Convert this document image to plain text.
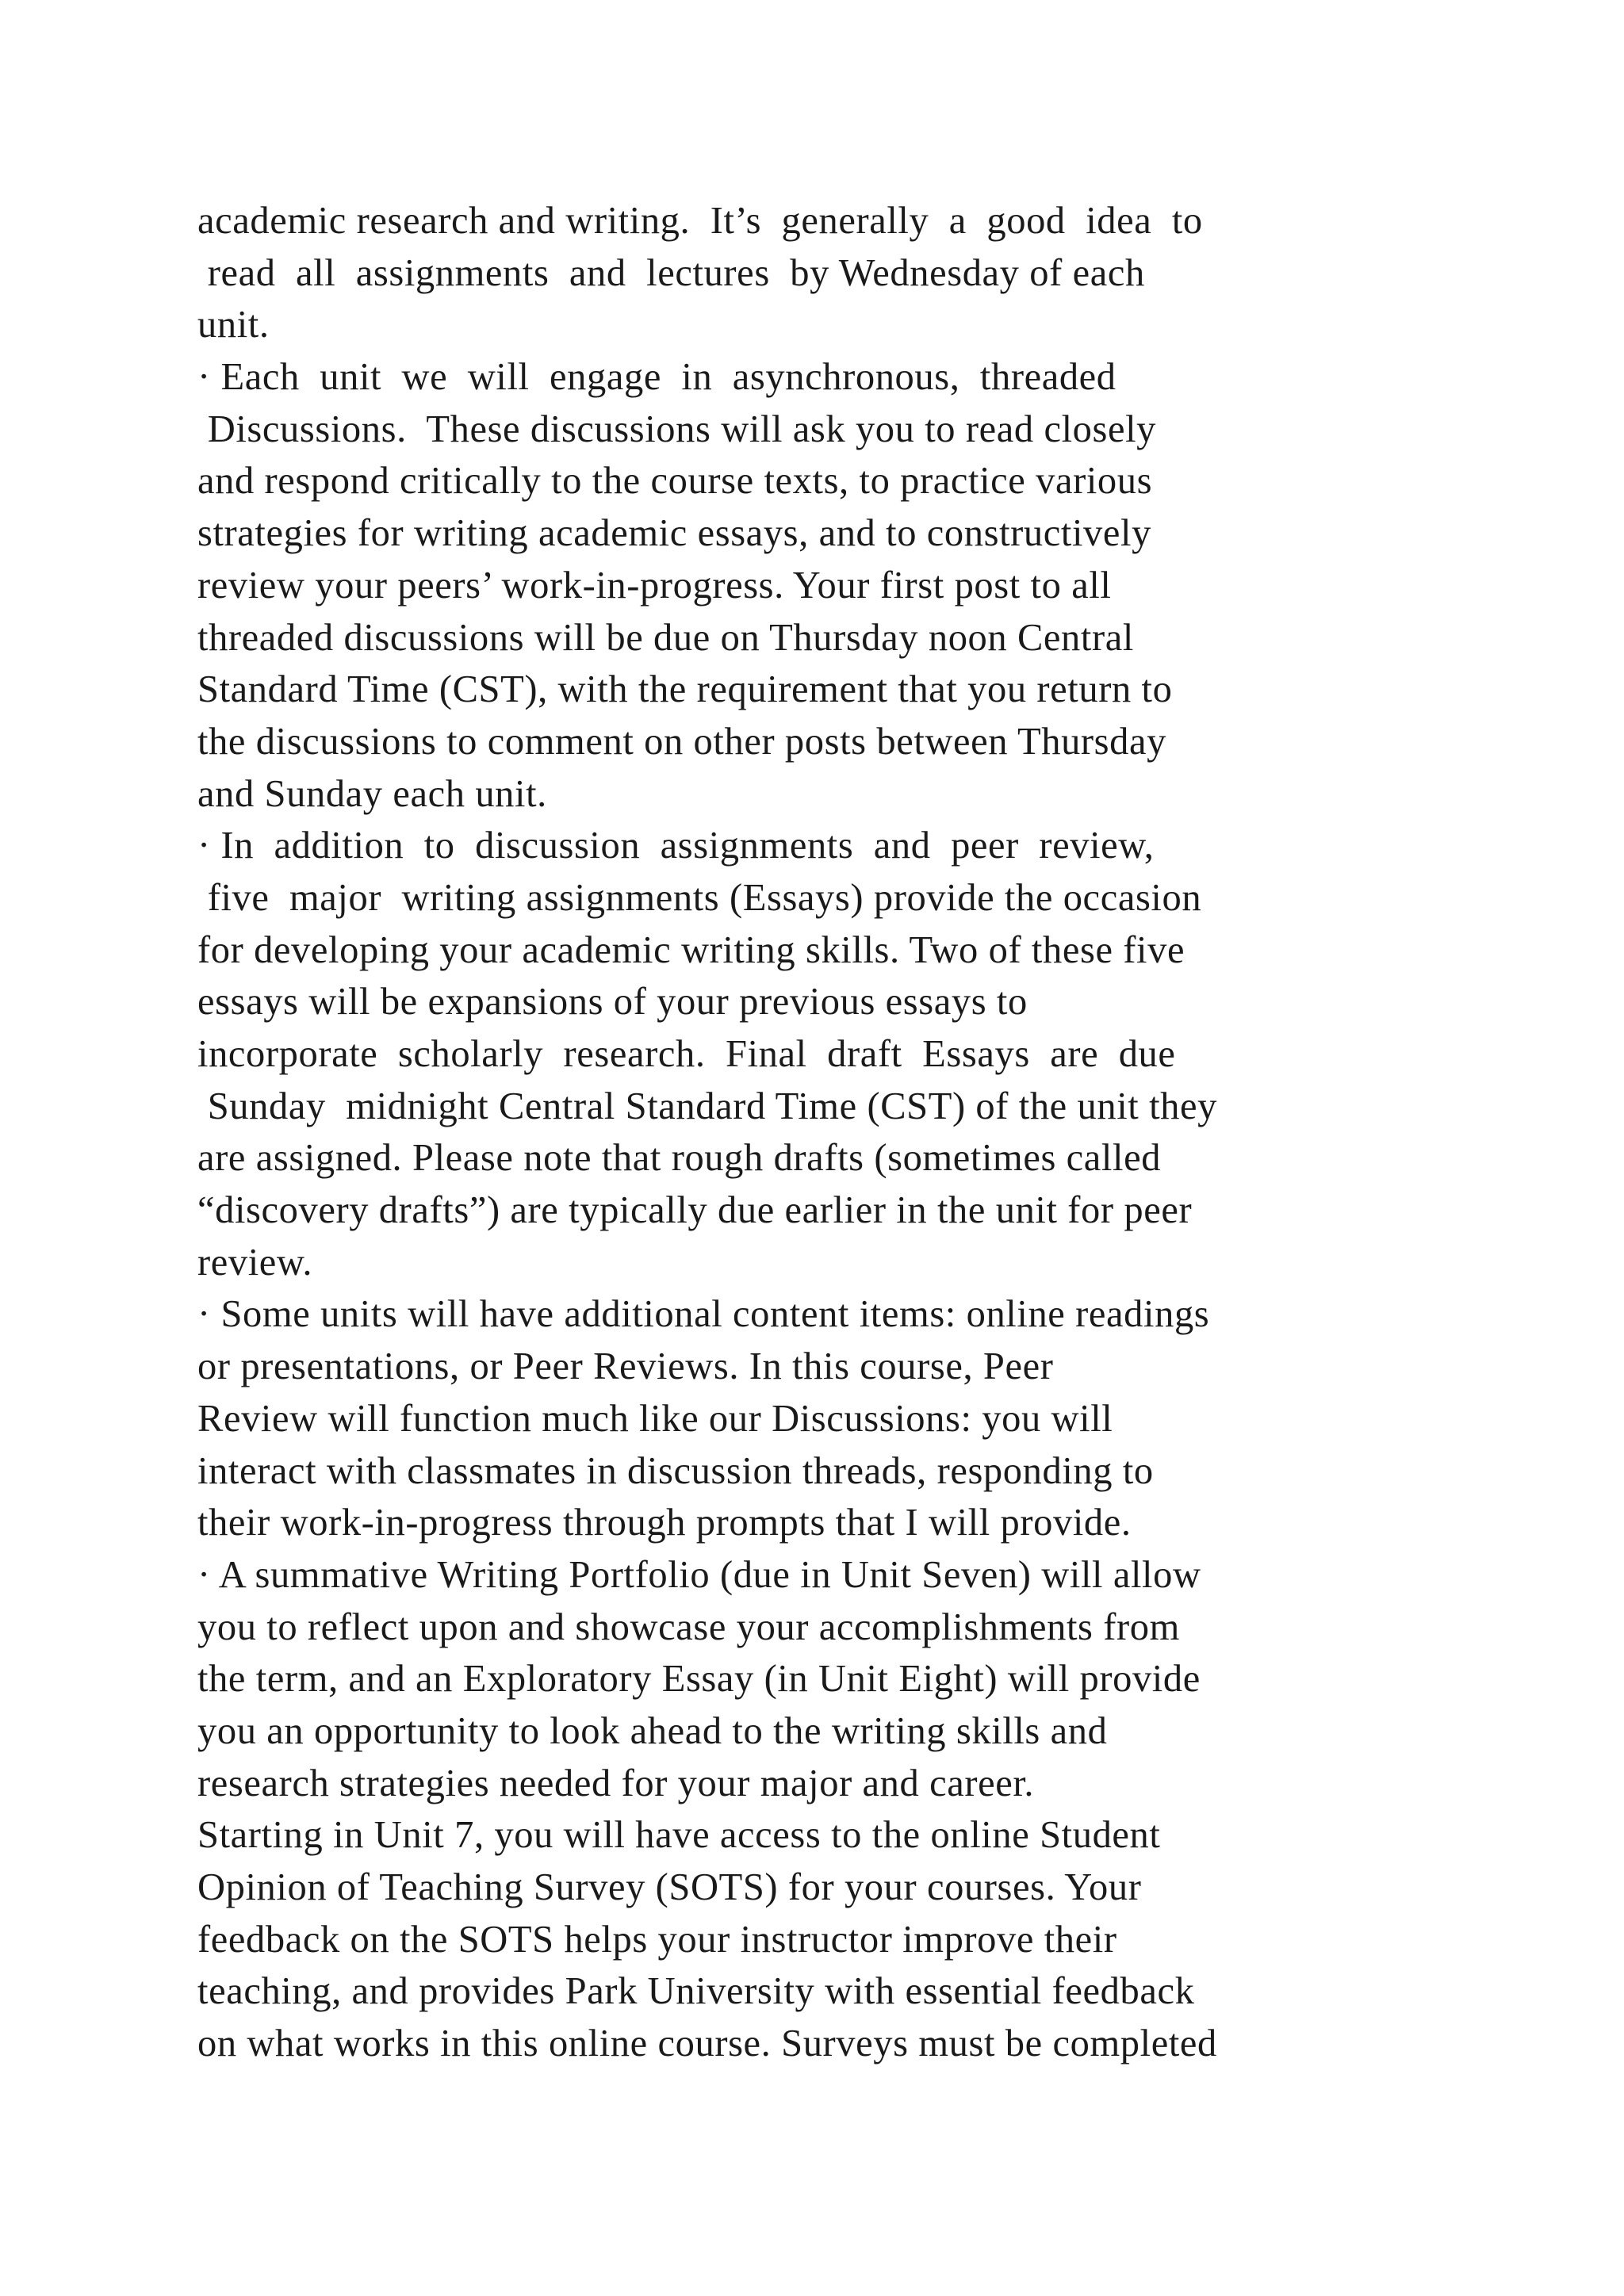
academic research and writing.  It’s  generally  a  good  idea  to
read  all  assignments  and  lectures  by Wednesday of each
unit.
· Each  unit  we  will  engage  in  asynchronous,  threaded
Discussions.  These discussions will ask you to read closely
and respond critically to the course texts, to practice various
strategies for writing academic essays, and to constructively
review your peers’ work-in-progress. Your first post to all
threaded discussions will be due on Thursday noon Central
Standard Time (CST), with the requirement that you return to
the discussions to comment on other posts between Thursday
and Sunday each unit.
· In  addition  to  discussion  assignments  and  peer  review,
five  major  writing assignments (Essays) provide the occasion
for developing your academic writing skills. Two of these five
essays will be expansions of your previous essays to
incorporate  scholarly  research.  Final  draft  Essays  are  due
Sunday  midnight Central Standard Time (CST) of the unit they
are assigned. Please note that rough drafts (sometimes called
“discovery drafts”) are typically due earlier in the unit for peer
review.
· Some units will have additional content items: online readings
or presentations, or Peer Reviews. In this course, Peer
Review will function much like our Discussions: you will
interact with classmates in discussion threads, responding to
their work-in-progress through prompts that I will provide.
· A summative Writing Portfolio (due in Unit Seven) will allow
you to reflect upon and showcase your accomplishments from
the term, and an Exploratory Essay (in Unit Eight) will provide
you an opportunity to look ahead to the writing skills and
research strategies needed for your major and career.
Starting in Unit 7, you will have access to the online Student
Opinion of Teaching Survey (SOTS) for your courses. Your
feedback on the SOTS helps your instructor improve their
teaching, and provides Park University with essential feedback
on what works in this online course. Surveys must be completed
